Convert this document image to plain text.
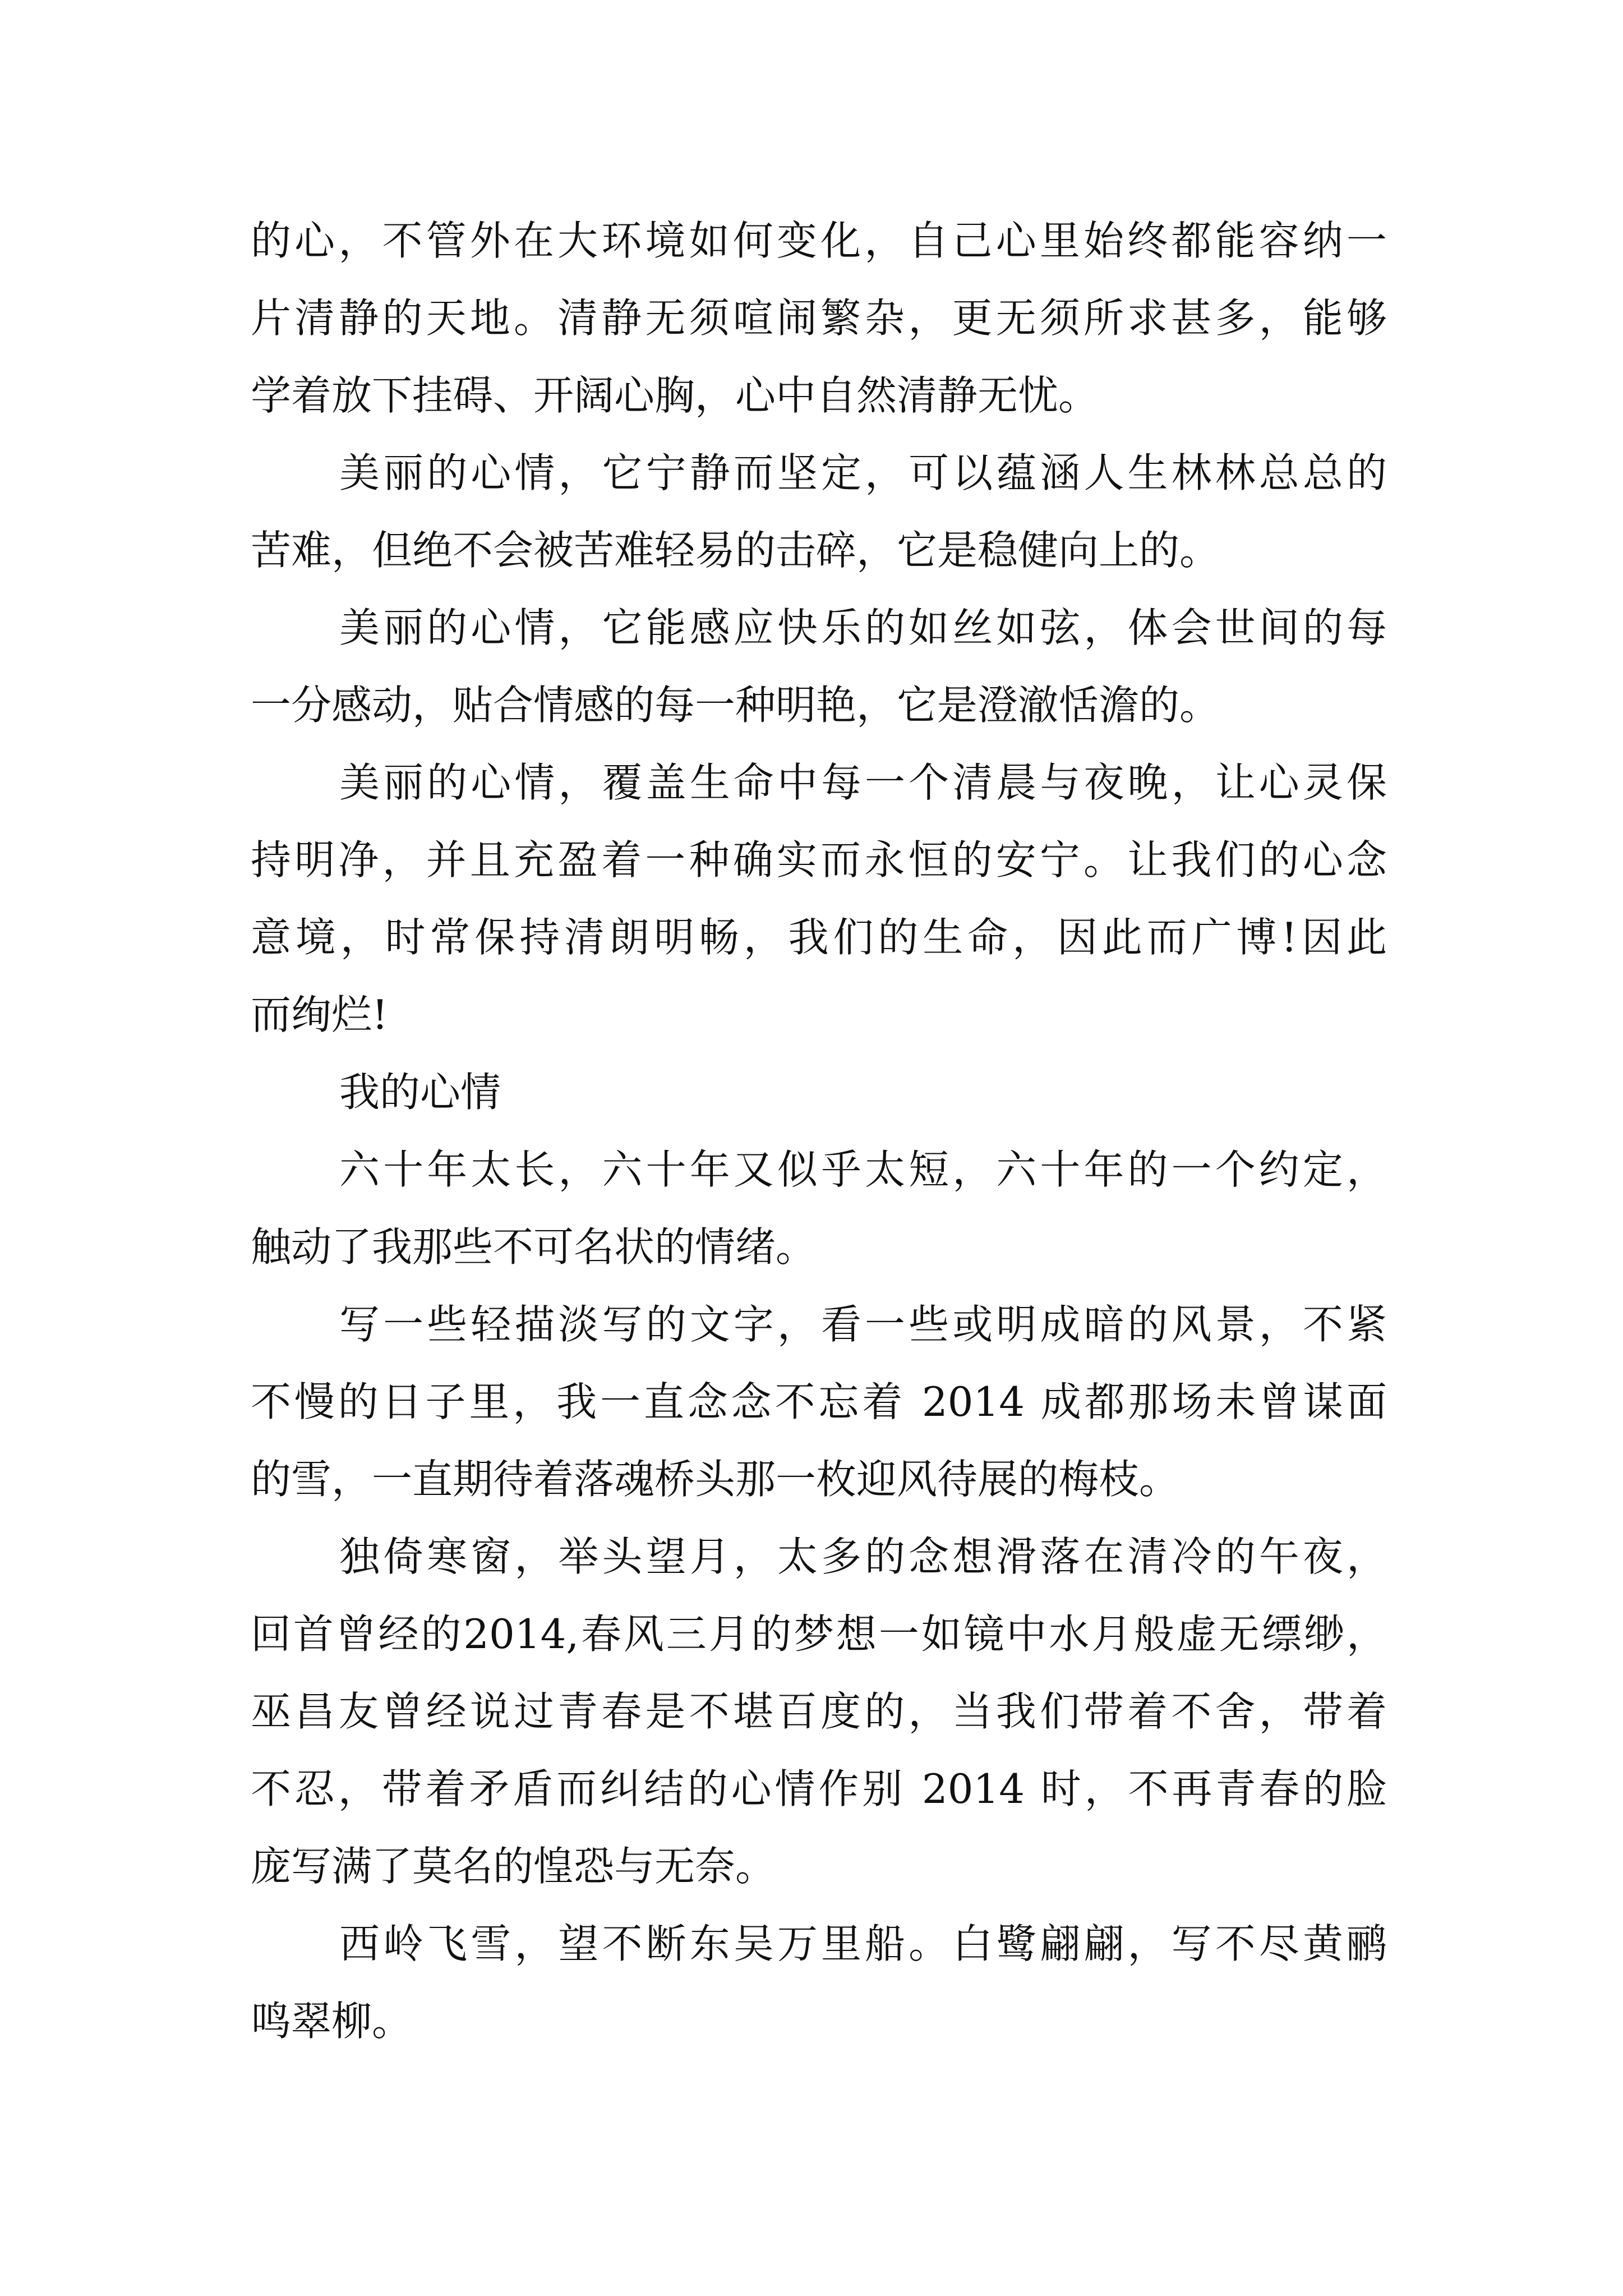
的心，不管外在大环境如何变化，自己心里始终都能容纳一
片清静的天地。清静无须喧闹繁杂，更无须所求甚多，能够
学着放下挂碍、开阔心胸，心中自然清静无忧。
美丽的心情，它宁静而坚定，可以蕴涵人生林林总总的
苦难，但绝不会被苦难轻易的击碎，它是稳健向上的。
美丽的心情，它能感应快乐的如丝如弦，体会世间的每
一分感动，贴合情感的每一种明艳，它是澄澈恬澹的。
美丽的心情，覆盖生命中每一个清晨与夜晚，让心灵保
持明净，并且充盈着一种确实而永恒的安宁。让我们的心念
意境，时常保持清朗明畅，我们的生命，因此而广博!因此
而绚烂!
我的心情
六十年太长，六十年又似乎太短，六十年的一个约定，
触动了我那些不可名状的情绪。
写一些轻描淡写的文字，看一些或明成暗的风景，不紧
不慢的日子里，我一直念念不忘着 2014 成都那场未曾谋面
的雪，一直期待着落魂桥头那一枚迎风待展的梅枝。
独倚寒窗，举头望月，太多的念想滑落在清冷的午夜，
回首曾经的2014,春风三月的梦想一如镜中水月般虚无缥缈，
巫昌友曾经说过青春是不堪百度的，当我们带着不舍，带着
不忍，带着矛盾而纠结的心情作别 2014 时，不再青春的脸
庞写满了莫名的惶恐与无奈。
西岭飞雪，望不断东吴万里船。白鹭翩翩，写不尽黄鹂
鸣翠柳。
